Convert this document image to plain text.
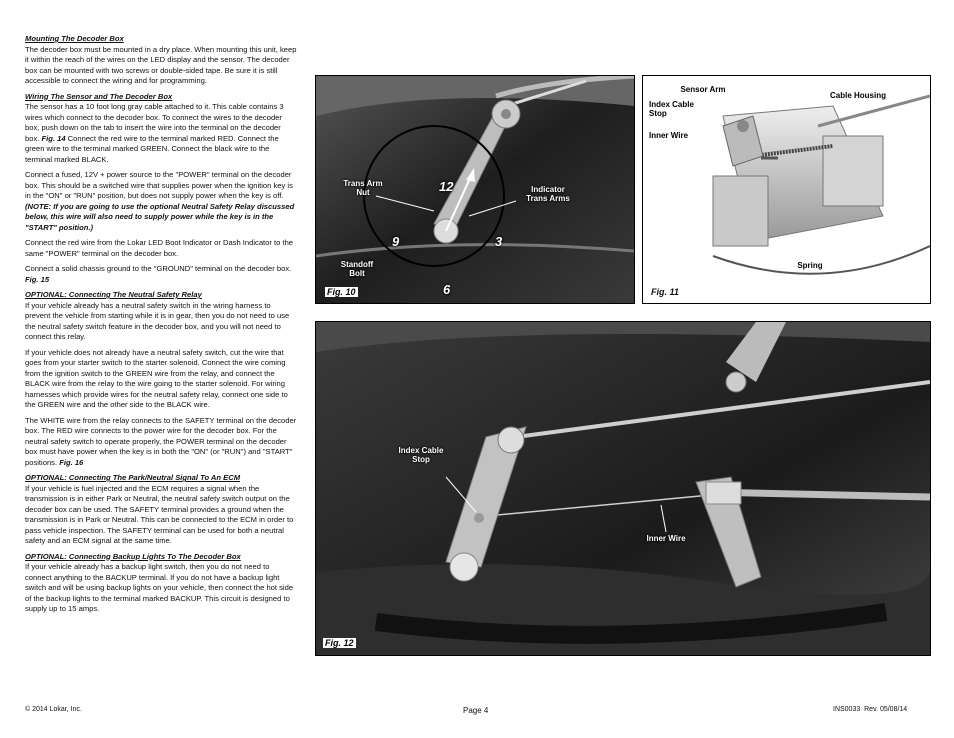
Mounting The Decoder Box
The decoder box must be mounted in a dry place. When mounting this unit, keep it within the reach of the wires on the LED display and the sensor. The decoder box can be mounted with two screws or double-sided tape. Be sure it is still accessible to connect the wiring and for programming.

Wiring The Sensor and The Decoder Box
The sensor has a 10 foot long gray cable attached to it. This cable contains 3 wires which connect to the decoder box. To connect the wires to the decoder box, push down on the tab to insert the wire into the terminal on the decoder box. Fig. 14 Connect the red wire to the terminal marked RED. Connect the green wire to the terminal marked GREEN. Connect the black wire to the terminal marked BLACK.

Connect a fused, 12V + power source to the "POWER" terminal on the decoder box. This should be a switched wire that supplies power when the ignition key is in the "ON" or "RUN" position, but does not supply power when the key is off. (NOTE: If you are going to use the optional Neutral Safety Relay discussed below, this wire will also need to supply power while the key is in the "START" position.)

Connect the red wire from the Lokar LED Boot Indicator or Dash Indicator to the same "POWER" terminal on the decoder box.

Connect a solid chassis ground to the "GROUND" terminal on the decoder box. Fig. 15

OPTIONAL: Connecting The Neutral Safety Relay
If your vehicle already has a neutral safety switch in the wiring harness to prevent the vehicle from starting while it is in gear, then you do not need to use the neutral safety switch feature in the decoder box, and you will not need to connect this relay.

If your vehicle does not already have a neutral safety switch, cut the wire that goes from your starter switch to the starter solenoid. Connect the wire coming from the ignition switch to the GREEN wire from the relay, and connect the BLACK wire from the relay to the wire going to the starter solenoid. For wiring harnesses which provide wires for the neutral safety relay, connect one side to the GREEN wire and the other side to the BLACK wire.

The WHITE wire from the relay connects to the SAFETY terminal on the decoder box. The RED wire connects to the power wire for the decoder box. For the neutral safety switch to operate properly, the POWER terminal on the decoder box must have power when the key is in both the "ON" (or "RUN") and "START" positions. Fig. 16

OPTIONAL: Connecting The Park/Neutral Signal To An ECM
If your vehicle is fuel injected and the ECM requires a signal when the transmission is in either Park or Neutral, the neutral safety switch output on the decoder box can be used. The SAFETY terminal provides a ground when the transmission is in Park or Neutral. This can be connected to the ECM in order to pass vehicle inspection. The SAFETY terminal can be used for both a neutral safety and an ECM signal at the same time.

OPTIONAL: Connecting Backup Lights To The Decoder Box
If your vehicle already has a backup light switch, then you do not need to connect anything to the BACKUP terminal. If you do not have a backup light switch and will be using backup lights on your vehicle, then connect the hot side of the backup lights to the terminal marked BACKUP. This circuit is designed to supply up to 15 amps.

Trans Arm
Nut	Indicator
Trans Arms
Standoff
Bolt
12
3
6
9
Fig. 10
Sensor Arm
Index Cable
Stop
Cable Housing
Inner Wire
Spring
Fig. 11
Index Cable
Stop
Inner Wire
Fig. 12
© 2014 Lokar, Inc.	Page 4	INS0033  Rev. 05/08/14
